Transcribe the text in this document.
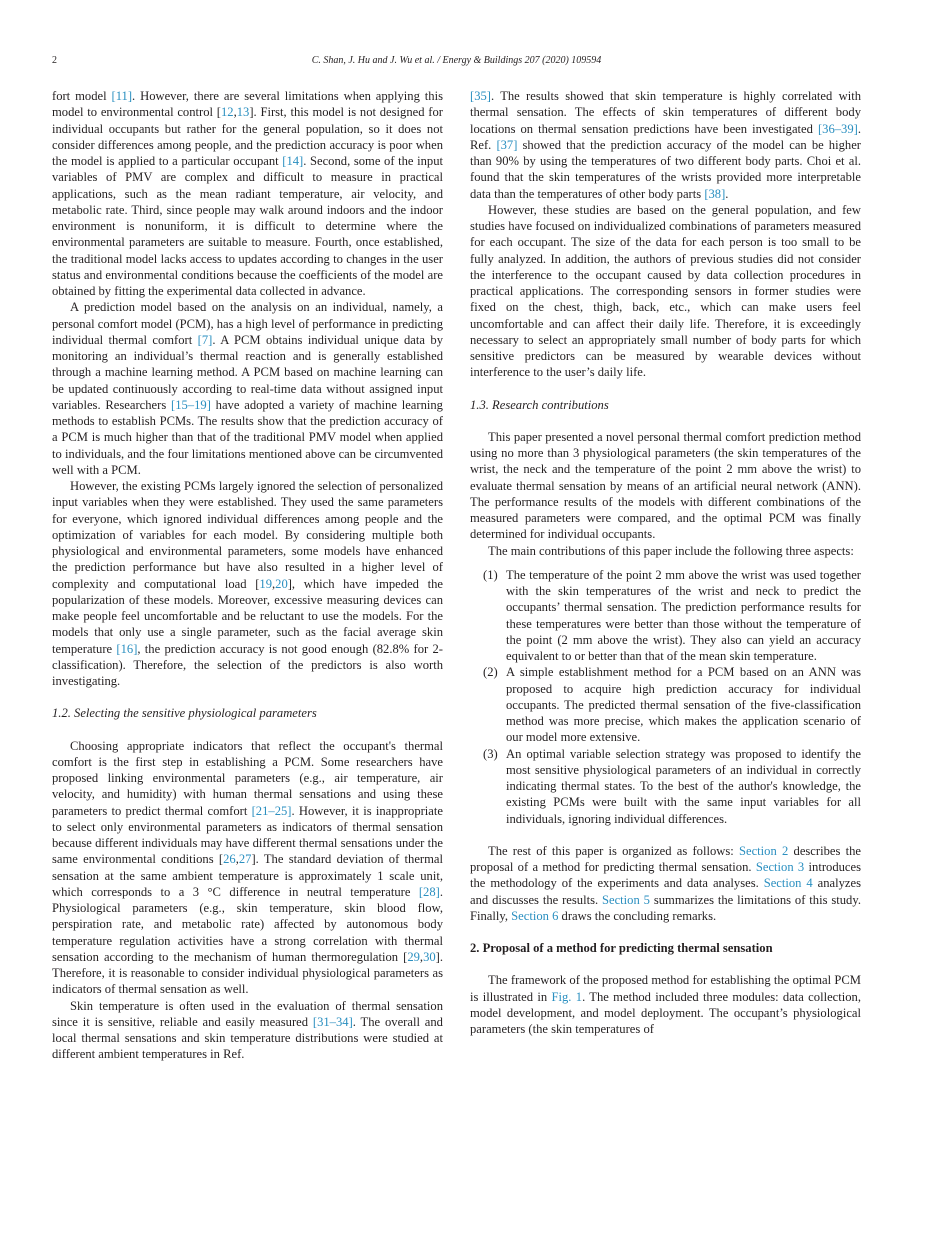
2	C. Shan, J. Hu and J. Wu et al. / Energy & Buildings 207 (2020) 109594

fort model [11]. However, there are several limitations when applying this model to environmental control [12,13]. First, this model is not designed for individual occupants but rather for the general population, so it does not consider differences among people, and the prediction accuracy is poor when the model is applied to a particular occupant [14]. Second, some of the input variables of PMV are complex and difficult to measure in practical applications, such as the mean radiant temperature, air velocity, and metabolic rate. Third, since people may walk around indoors and the indoor environment is nonuniform, it is difficult to determine where the environmental parameters are suitable to measure. Fourth, once established, the traditional model lacks access to updates according to changes in the user status and environmental conditions because the coefficients of the model are obtained by fitting the experimental data collected in advance.

A prediction model based on the analysis on an individual, namely, a personal comfort model (PCM), has a high level of performance in predicting individual thermal comfort [7]. A PCM obtains individual unique data by monitoring an individual’s thermal reaction and is generally established through a machine learning method. A PCM based on machine learning can be updated continuously according to real-time data without assigned input variables. Researchers [15–19] have adopted a variety of machine learning methods to establish PCMs. The results show that the prediction accuracy of a PCM is much higher than that of the traditional PMV model when applied to individuals, and the four limitations mentioned above can be circumvented well with a PCM.

However, the existing PCMs largely ignored the selection of personalized input variables when they were established. They used the same parameters for everyone, which ignored individual differences among people and the optimization of variables for each model. By considering multiple both physiological and environmental parameters, some models have enhanced the prediction performance but have also resulted in a higher level of complexity and computational load [19,20], which have impeded the popularization of these models. Moreover, excessive measuring devices can make people feel uncomfortable and be reluctant to use the models. For the models that only use a single parameter, such as the facial average skin temperature [16], the prediction accuracy is not good enough (82.8% for 2-classification). Therefore, the selection of the predictors is also worth investigating.

1.2. Selecting the sensitive physiological parameters

Choosing appropriate indicators that reflect the occupant's thermal comfort is the first step in establishing a PCM. Some researchers have proposed linking environmental parameters (e.g., air temperature, air velocity, and humidity) with human thermal sensations and using these parameters to predict thermal comfort [21–25]. However, it is inappropriate to select only environmental parameters as indicators of thermal sensation because different individuals may have different thermal sensations under the same environmental conditions [26,27]. The standard deviation of thermal sensation at the same ambient temperature is approximately 1 scale unit, which corresponds to a 3 °C difference in neutral temperature [28]. Physiological parameters (e.g., skin temperature, skin blood flow, perspiration rate, and metabolic rate) affected by autonomous body temperature regulation activities have a strong correlation with thermal sensation according to the mechanism of human thermoregulation [29,30]. Therefore, it is reasonable to consider individual physiological parameters as indicators of thermal sensation as well.

Skin temperature is often used in the evaluation of thermal sensation since it is sensitive, reliable and easily measured [31–34]. The overall and local thermal sensations and skin temperature distributions were studied at different ambient temperatures in Ref.

[35]. The results showed that skin temperature is highly correlated with thermal sensation. The effects of skin temperatures of different body locations on thermal sensation predictions have been investigated [36–39]. Ref. [37] showed that the prediction accuracy of the model can be higher than 90% by using the temperatures of two different body parts. Choi et al. found that the skin temperatures of the wrists provided more interpretable data than the temperatures of other body parts [38].

However, these studies are based on the general population, and few studies have focused on individualized combinations of parameters measured for each occupant. The size of the data for each person is too small to be fully analyzed. In addition, the authors of previous studies did not consider the interference to the occupant caused by data collection procedures in practical applications. The corresponding sensors in former studies were fixed on the chest, thigh, back, etc., which can make users feel uncomfortable and can affect their daily life. Therefore, it is exceedingly necessary to select an appropriately small number of body parts for which sensitive predictors can be measured by wearable devices without interference to the user’s daily life.

1.3. Research contributions

This paper presented a novel personal thermal comfort prediction method using no more than 3 physiological parameters (the skin temperatures of the wrist, the neck and the temperature of the point 2 mm above the wrist) to evaluate thermal sensation by means of an artificial neural network (ANN). The performance results of the models with different combinations of the measured parameters were compared, and the optimal PCM was finally determined for individual occupants.

The main contributions of this paper include the following three aspects:

(1) The temperature of the point 2 mm above the wrist was used together with the skin temperatures of the wrist and neck to predict the occupants’ thermal sensation. The prediction performance results for these temperatures were better than those without the temperature of the point (2 mm above the wrist). They also can yield an accuracy equivalent to or better than that of the mean skin temperature.
(2) A simple establishment method for a PCM based on an ANN was proposed to acquire high prediction accuracy for individual occupants. The predicted thermal sensation of the five-classification method was more precise, which makes the application scenario of our model more extensive.
(3) An optimal variable selection strategy was proposed to identify the most sensitive physiological parameters of an individual in correctly indicating thermal states. To the best of the author's knowledge, the existing PCMs were built with the same input variables for all individuals, ignoring individual differences.

The rest of this paper is organized as follows: Section 2 describes the proposal of a method for predicting thermal sensation. Section 3 introduces the methodology of the experiments and data analyses. Section 4 analyzes and discusses the results. Section 5 summarizes the limitations of this study. Finally, Section 6 draws the concluding remarks.

2. Proposal of a method for predicting thermal sensation

The framework of the proposed method for establishing the optimal PCM is illustrated in Fig. 1. The method included three modules: data collection, model development, and model deployment. The occupant’s physiological parameters (the skin temperatures of
